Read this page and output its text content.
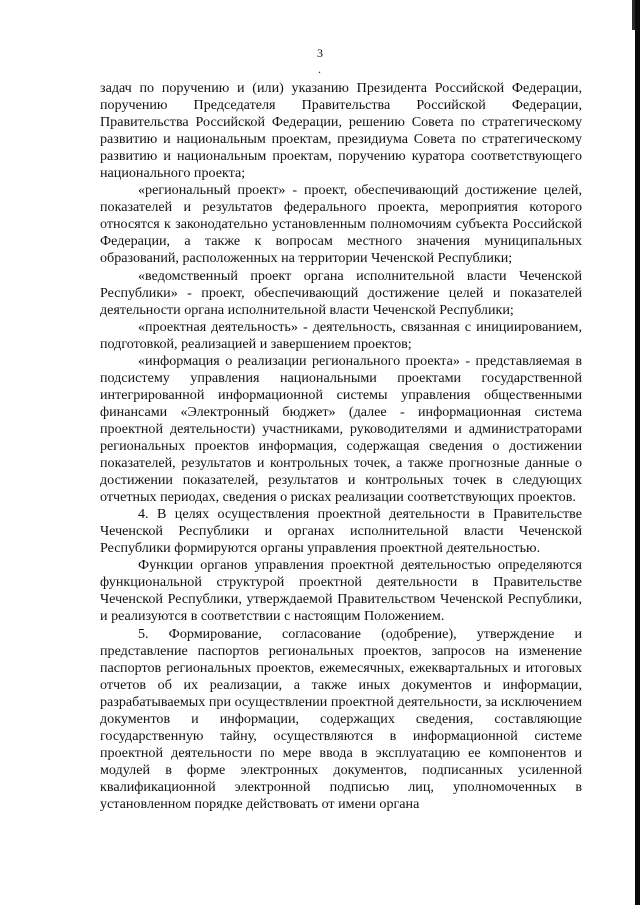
3
.

задач по поручению и (или) указанию Президента Российской Федерации, поручению Председателя Правительства Российской Федерации, Правительства Российской Федерации, решению Совета по стратегическому развитию и национальным проектам, президиума Совета по стратегическому развитию и национальным проектам, поручению куратора соответствующего национального проекта;

«региональный проект» - проект, обеспечивающий достижение целей, показателей и результатов федерального проекта, мероприятия которого относятся к законодательно установленным полномочиям субъекта Российской Федерации, а также к вопросам местного значения муниципальных образований, расположенных на территории Чеченской Республики;

«ведомственный проект органа исполнительной власти Чеченской Республики» - проект, обеспечивающий достижение целей и показателей деятельности органа исполнительной власти Чеченской Республики;

«проектная деятельность» - деятельность, связанная с инициированием, подготовкой, реализацией и завершением проектов;

«информация о реализации регионального проекта» - представляемая в подсистему управления национальными проектами государственной интегрированной информационной системы управления общественными финансами «Электронный бюджет» (далее - информационная система проектной деятельности) участниками, руководителями и администраторами региональных проектов информация, содержащая сведения о достижении показателей, результатов и контрольных точек, а также прогнозные данные о достижении показателей, результатов и контрольных точек в следующих отчетных периодах, сведения о рисках реализации соответствующих проектов.

4. В целях осуществления проектной деятельности в Правительстве Чеченской Республики и органах исполнительной власти Чеченской Республики формируются органы управления проектной деятельностью.

Функции органов управления проектной деятельностью определяются функциональной структурой проектной деятельности в Правительстве Чеченской Республики, утверждаемой Правительством Чеченской Республики, и реализуются в соответствии с настоящим Положением.

5. Формирование, согласование (одобрение), утверждение и представление паспортов региональных проектов, запросов на изменение паспортов региональных проектов, ежемесячных, ежеквартальных и итоговых отчетов об их реализации, а также иных документов и информации, разрабатываемых при осуществлении проектной деятельности, за исключением документов и информации, содержащих сведения, составляющие государственную тайну, осуществляются в информационной системе проектной деятельности по мере ввода в эксплуатацию ее компонентов и модулей в форме электронных документов, подписанных усиленной квалификационной электронной подписью лиц, уполномоченных в установленном порядке действовать от имени органа
